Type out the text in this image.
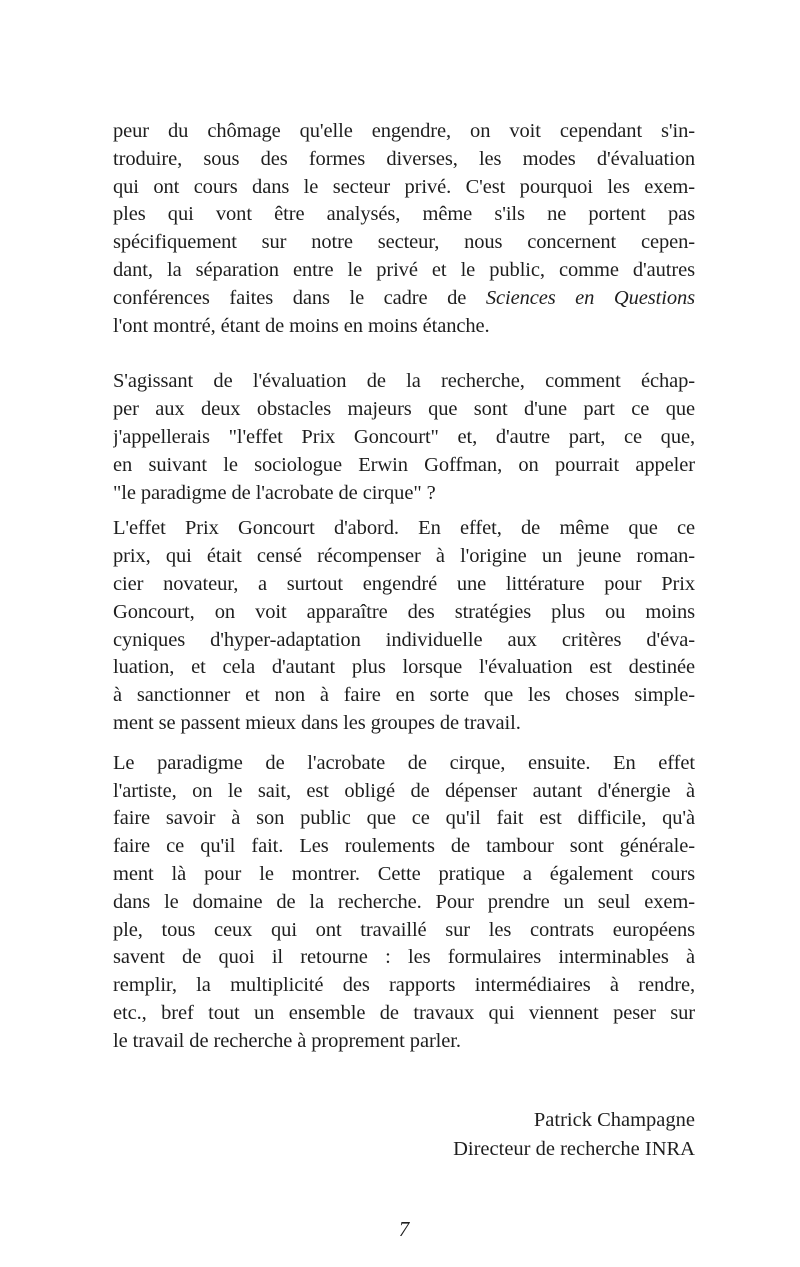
peur du chômage qu'elle engendre, on voit cependant s'in-
troduire, sous des formes diverses, les modes d'évaluation
qui ont cours dans le secteur privé. C'est pourquoi les exem-
ples qui vont être analysés, même s'ils ne portent pas
spécifiquement sur notre secteur, nous concernent cepen-
dant, la séparation entre le privé et le public, comme d'autres
conférences faites dans le cadre de Sciences en Questions
l'ont montré, étant de moins en moins étanche.
S'agissant de l'évaluation de la recherche, comment échap-
per aux deux obstacles majeurs que sont d'une part ce que
j'appellerais "l'effet Prix Goncourt" et, d'autre part, ce que,
en suivant le sociologue Erwin Goffman, on pourrait appeler
"le paradigme de l'acrobate de cirque" ?
L'effet Prix Goncourt d'abord. En effet, de même que ce
prix, qui était censé récompenser à l'origine un jeune roman-
cier novateur, a surtout engendré une littérature pour Prix
Goncourt, on voit apparaître des stratégies plus ou moins
cyniques d'hyper-adaptation individuelle aux critères d'éva-
luation, et cela d'autant plus lorsque l'évaluation est destinée
à sanctionner et non à faire en sorte que les choses simple-
ment se passent mieux dans les groupes de travail.
Le paradigme de l'acrobate de cirque, ensuite. En effet
l'artiste, on le sait, est obligé de dépenser autant d'énergie à
faire savoir à son public que ce qu'il fait est difficile, qu'à
faire ce qu'il fait. Les roulements de tambour sont générale-
ment là pour le montrer. Cette pratique a également cours
dans le domaine de la recherche. Pour prendre un seul exem-
ple, tous ceux qui ont travaillé sur les contrats européens
savent de quoi il retourne : les formulaires interminables à
remplir, la multiplicité des rapports intermédiaires à rendre,
etc., bref tout un ensemble de travaux qui viennent peser sur
le travail de recherche à proprement parler.
Patrick Champagne
Directeur de recherche INRA
7
